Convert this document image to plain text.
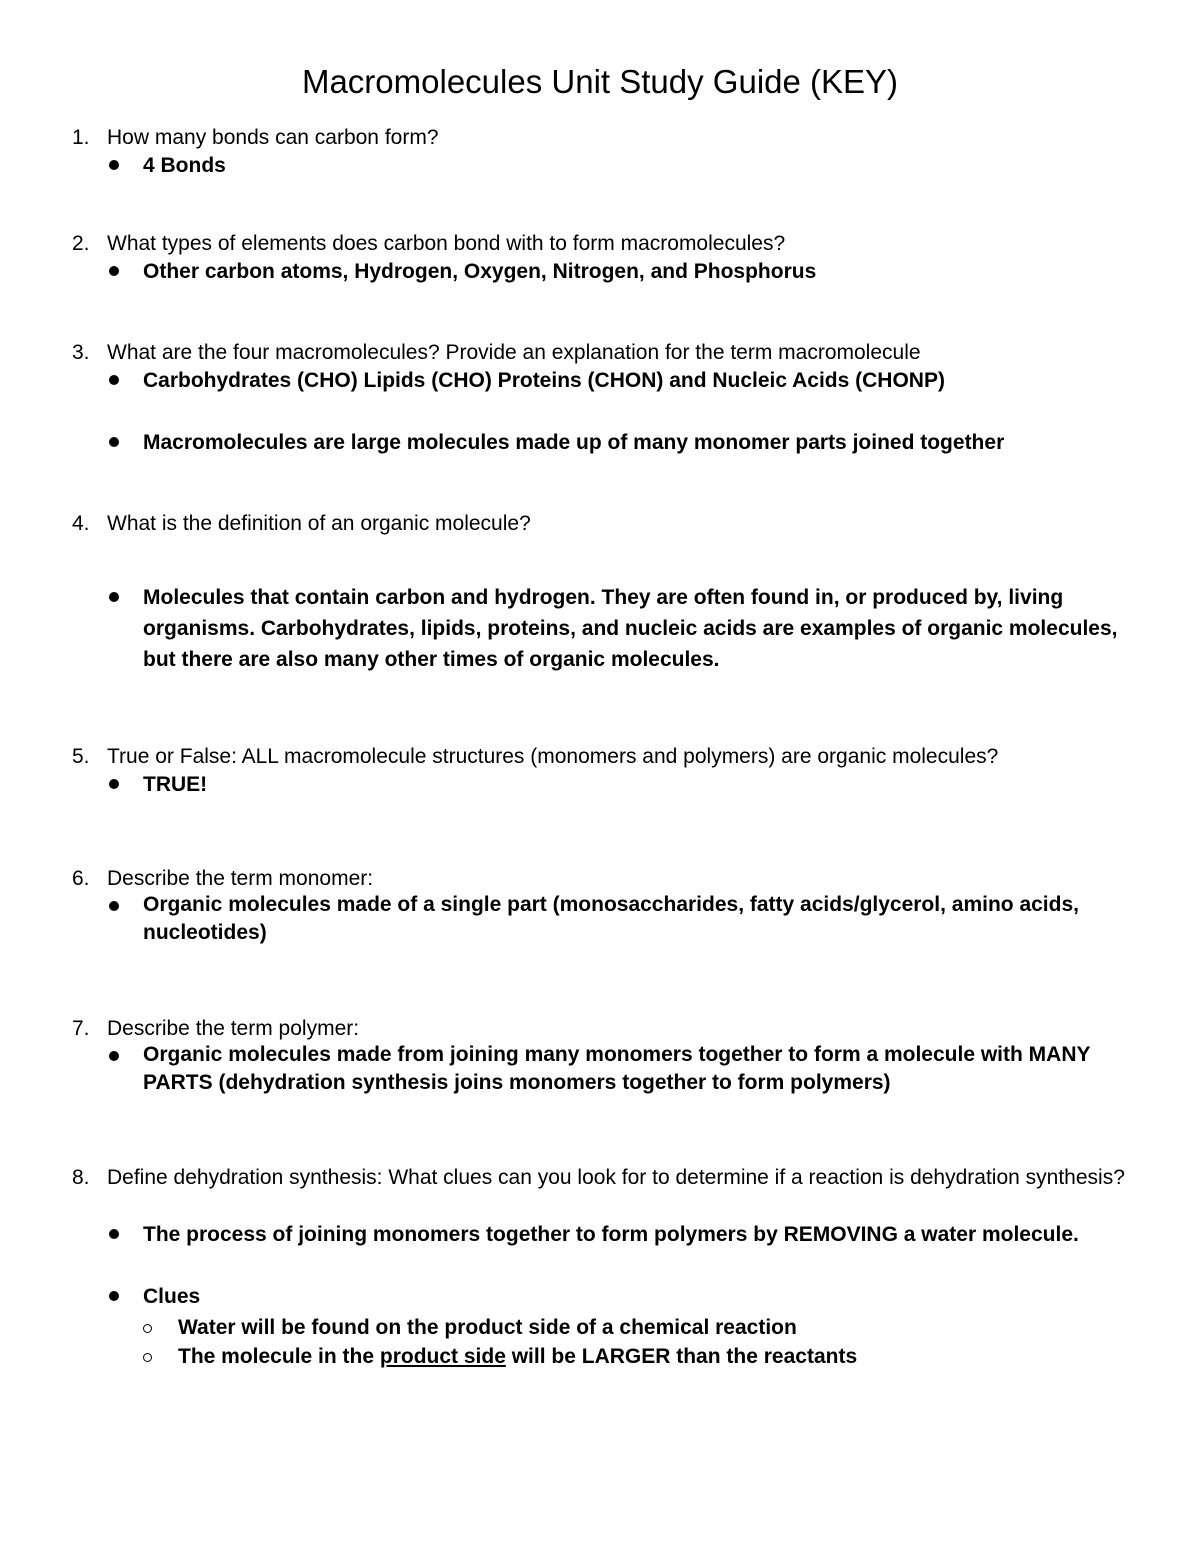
Macromolecules Unit Study Guide (KEY)
1. How many bonds can carbon form?
4 Bonds
2. What types of elements does carbon bond with to form macromolecules?
Other carbon atoms, Hydrogen, Oxygen, Nitrogen, and Phosphorus
3. What are the four macromolecules? Provide an explanation for the term macromolecule
Carbohydrates (CHO) Lipids (CHO) Proteins (CHON) and Nucleic Acids (CHONP)
Macromolecules are large molecules made up of many monomer parts joined together
4. What is the definition of an organic molecule?
Molecules that contain carbon and hydrogen. They are often found in, or produced by, living organisms. Carbohydrates, lipids, proteins, and nucleic acids are examples of organic molecules, but there are also many other times of organic molecules.
5. True or False: ALL macromolecule structures (monomers and polymers) are organic molecules?
TRUE!
6. Describe the term monomer:
Organic molecules made of a single part (monosaccharides, fatty acids/glycerol, amino acids, nucleotides)
7. Describe the term polymer:
Organic molecules made from joining many monomers together to form a molecule with MANY PARTS (dehydration synthesis joins monomers together to form polymers)
8. Define dehydration synthesis: What clues can you look for to determine if a reaction is dehydration synthesis?
The process of joining monomers together to form polymers by REMOVING a water molecule.
Clues
Water will be found on the product side of a chemical reaction
The molecule in the product side will be LARGER than the reactants
